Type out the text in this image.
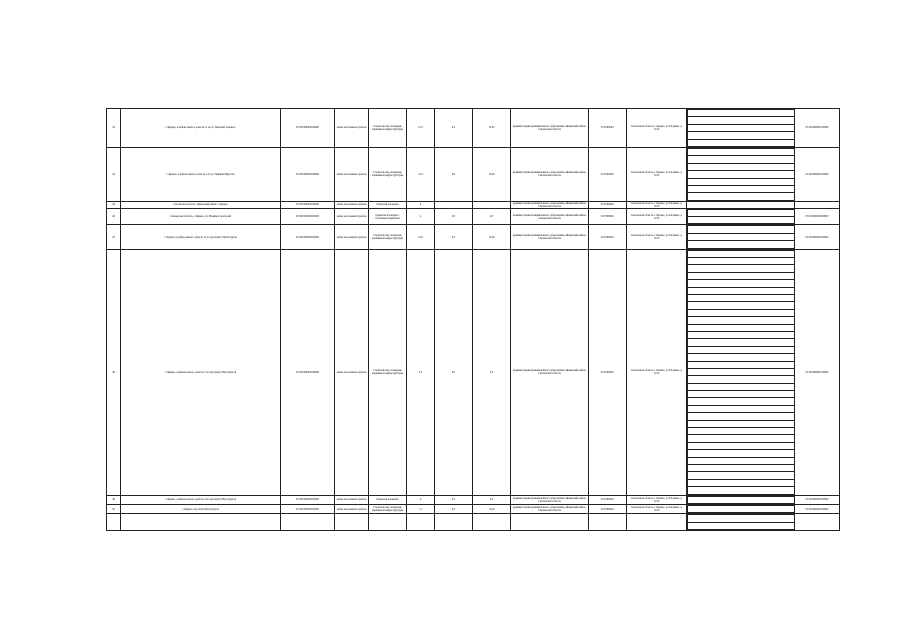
43	г. Ярцево, в районе жилого дома № 11 по ул. Максима Горького	67:29:0000000:00000	земли населенных пунктов	Строительство площадки, парковки и инфраструктуры	15,5	4/5	12,00	Администрация муниципального образования «Ярцевский район» Смоленской области	6727000601	Смоленская область, г. Ярцево, ул.Гагарина, д. 11/22							67:29:0000000:00000
44	г. Ярцево, в районе жилого дома № 4 по ул. Марины Фурсова	67:29:0000000:00000	земли населенных пунктов	Строительство площадки, парковки и инфраструктуры	14,3	4/5	12,00	Администрация муниципального образования «Ярцевский район» Смоленской области	6727000601	Смоленская область, г. Ярцево, ул.Гагарина, д. 11/22									67:29:0000000:00000
45	Смоленская область, Ярцевский район, г. Ярцево	67:29:0000000:00000	земли населенных пунктов	Открытая площадка	4			Администрация муниципального образования «Ярцевский район» Смоленской области	6727000601	Смоленская область, г. Ярцево, ул.Гагарина, д. 11/22	

46	Смоленская область, г. Ярцево, ул. Машиностроителей	67:29:0000000:00000	земли населенных пунктов	Открытая площадка с бетонным покрытием	4	4/5	4/5	Администрация муниципального образования «Ярцевский район» Смоленской области	6727000601	Смоленская область, г. Ярцево, ул.Гагарина, д. 11/22				67:29:0000000:00000
47	г. Ярцево, в районе жилого дома № 14 по проспекту Металлургов	67:29:0000000:00000	земли населенных пунктов	Строительство площадки, парковки и инфраструктуры	12,0	4/5	12,00	Администрация муниципального образования «Ярцевский район» Смоленской области	6727000601	Смоленская область, г. Ярцево, ул.Гагарина, д. 11/22					67:29:0000000:00000
48	г. Ярцево, в районе жилого дома № 7 по проспекту Металлургов	67:29:0000000:00000	земли населенных пунктов	Строительство площадки, парковки и инфраструктуры	3,4	4/5	3,4	Администрация муниципального образования «Ярцевский район» Смоленской области	6727000601	Смоленская область, г. Ярцево, ул.Гагарина, д. 11/22																																			67:29:0000000:00000
49	г. Ярцево, в районе жилого дома № 4 по проспекту Металлургов	67:29:0000000:00000	земли населенных пунктов	Открытая площадка	4	4/5	4/5	Администрация муниципального образования «Ярцевский район» Смоленской области	6727000601	Смоленская область, г. Ярцево, ул.Гагарина, д. 11/22			67:29:0000000:00000
50	г. Ярцево, проспект Металлургов	67:29:0000000:00000	земли населенных пунктов	Строительство площадки, парковки и инфраструктуры	11	4/5	11,00	Администрация муниципального образования «Ярцевский район» Смоленской области	6727000601	Смоленская область, г. Ярцево, ул.Гагарина, д. 11/22			67:29:0000000:00000
